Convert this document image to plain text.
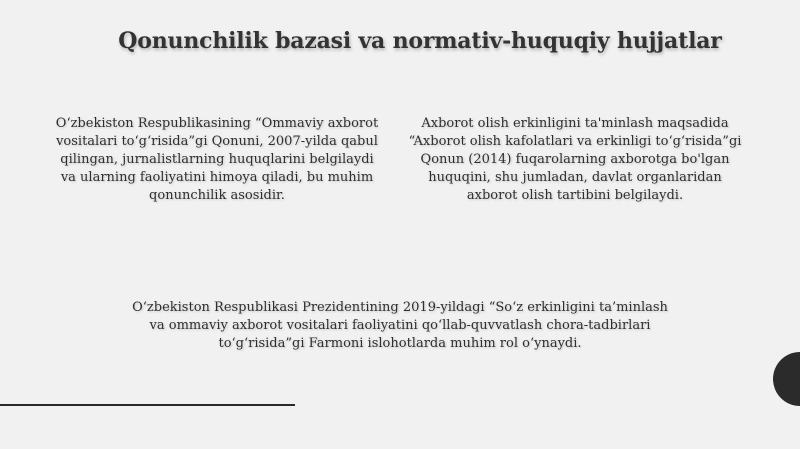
Qonunchilik bazasi va normativ-huquqiy hujjatlar
O‘zbekiston Respublikasining “Ommaviy axborot vositalari to‘g‘risida”gi Qonuni, 2007-yilda qabul qilingan, jurnalistlarning huquqlarini belgilaydi va ularning faoliyatini himoya qiladi, bu muhim qonunchilik asosidir.
Axborot olish erkinligini ta'minlash maqsadida “Axborot olish kafolatlari va erkinligi to‘g‘risida”gi Qonun (2014) fuqarolarning axborotga bo'lgan huquqini, shu jumladan, davlat organlaridan axborot olish tartibini belgilaydi.
O‘zbekiston Respublikasi Prezidentining 2019-yildagi “So‘z erkinligini ta’minlash va ommaviy axborot vositalari faoliyatini qo‘llab-quvvatlash chora-tadbirlari to‘g‘risida”gi Farmoni islohotlarda muhim rol o‘ynaydi.
